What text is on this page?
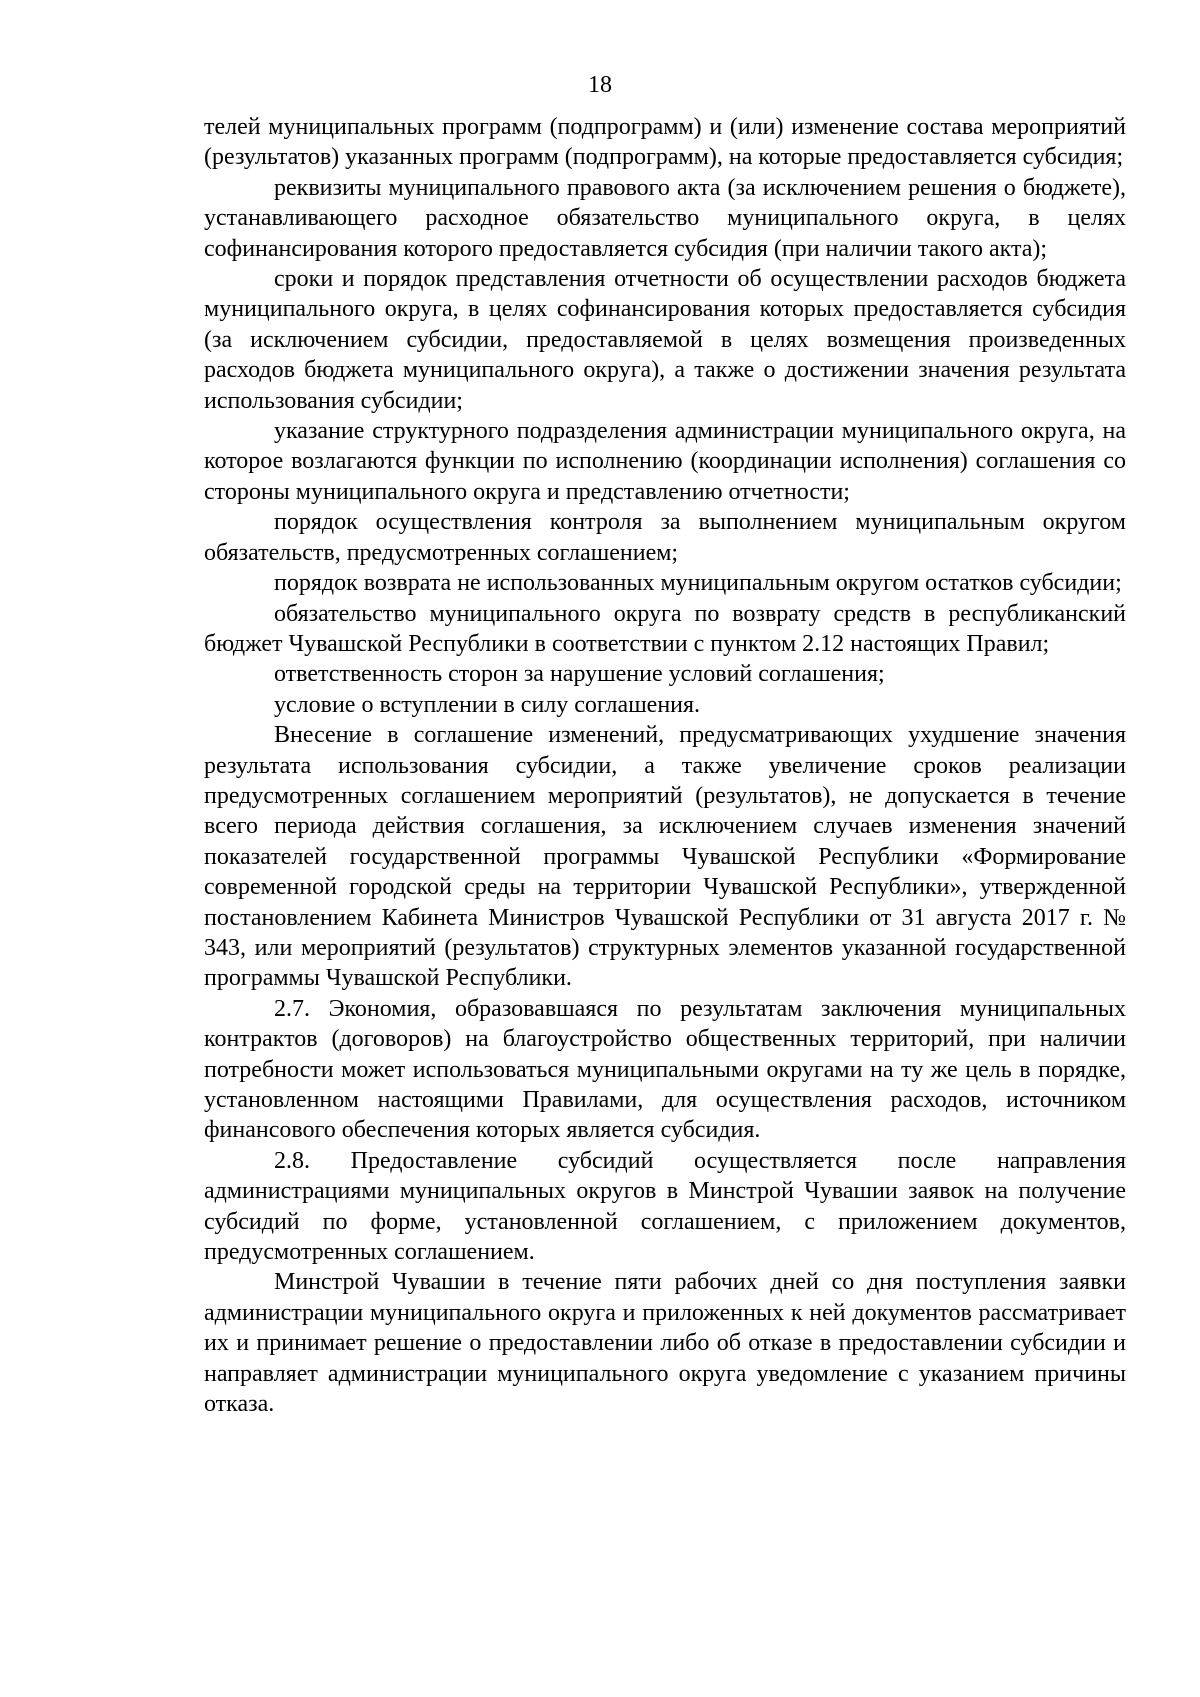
18

телей муниципальных программ (подпрограмм) и (или) изменение состава мероприятий (результатов) указанных программ (подпрограмм), на которые предоставляется субсидия;

реквизиты муниципального правового акта (за исключением решения о бюджете), устанавливающего расходное обязательство муниципального округа, в целях софинансирования которого предоставляется субсидия (при наличии такого акта);

сроки и порядок представления отчетности об осуществлении расходов бюджета муниципального округа, в целях софинансирования которых предоставляется субсидия (за исключением субсидии, предоставляемой в целях возмещения произведенных расходов бюджета муниципального округа), а также о достижении значения результата использования субсидии;

указание структурного подразделения администрации муниципального округа, на которое возлагаются функции по исполнению (координации исполнения) соглашения со стороны муниципального округа и представлению отчетности;

порядок осуществления контроля за выполнением муниципальным округом обязательств, предусмотренных соглашением;

порядок возврата не использованных муниципальным округом остатков субсидии;

обязательство муниципального округа по возврату средств в республиканский бюджет Чувашской Республики в соответствии с пунктом 2.12 настоящих Правил;

ответственность сторон за нарушение условий соглашения;

условие о вступлении в силу соглашения.

Внесение в соглашение изменений, предусматривающих ухудшение значения результата использования субсидии, а также увеличение сроков реализации предусмотренных соглашением мероприятий (результатов), не допускается в течение всего периода действия соглашения, за исключением случаев изменения значений показателей государственной программы Чувашской Республики «Формирование современной городской среды на территории Чувашской Республики», утвержденной постановлением Кабинета Министров Чувашской Республики от 31 августа 2017 г. № 343, или мероприятий (результатов) структурных элементов указанной государственной программы Чувашской Республики.

2.7. Экономия, образовавшаяся по результатам заключения муниципальных контрактов (договоров) на благоустройство общественных территорий, при наличии потребности может использоваться муниципальными округами на ту же цель в порядке, установленном настоящими Правилами, для осуществления расходов, источником финансового обеспечения которых является субсидия.

2.8. Предоставление субсидий осуществляется после направления администрациями муниципальных округов в Минстрой Чувашии заявок на получение субсидий по форме, установленной соглашением, с приложением документов, предусмотренных соглашением.

Минстрой Чувашии в течение пяти рабочих дней со дня поступления заявки администрации муниципального округа и приложенных к ней документов рассматривает их и принимает решение о предоставлении либо об отказе в предоставлении субсидии и направляет администрации муниципального округа уведомление с указанием причины отказа.
